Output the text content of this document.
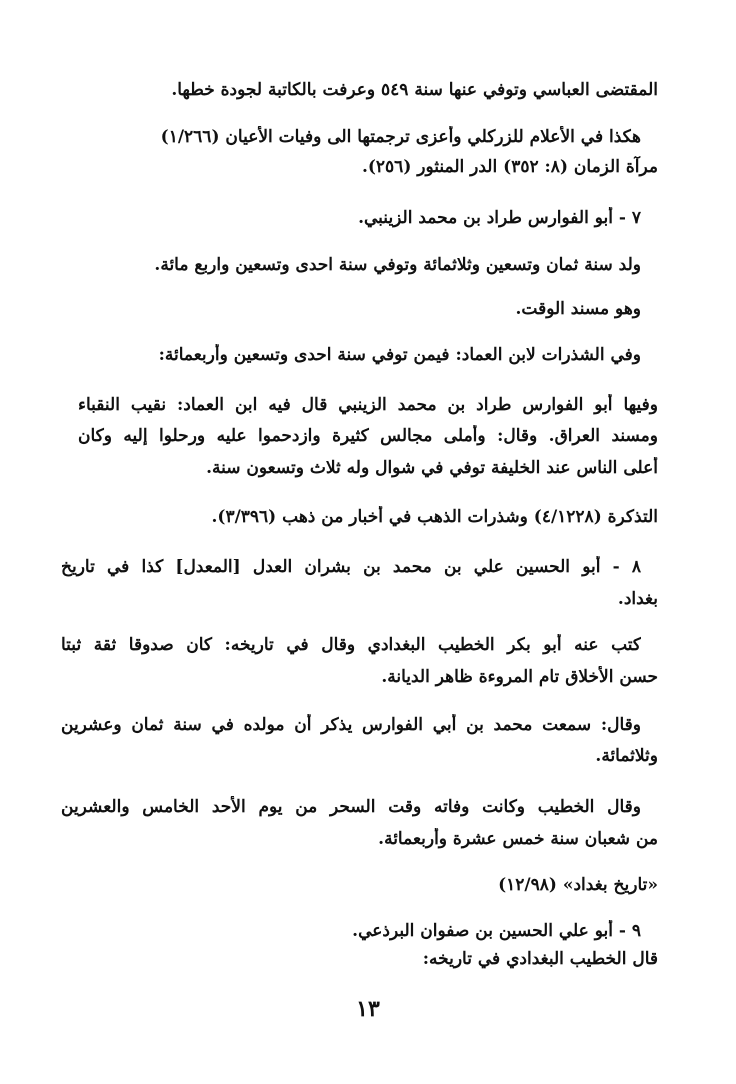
المقتضى العباسي وتوفي عنها سنة ٥٤٩ وعرفت بالكاتبة لجودة خطها.
هكذا في الأعلام للزركلي وأعزى ترجمتها الى وفيات الأعيان (١/٢٦٦)
مرآة الزمان (٨: ٣٥٢) الدر المنثور (٢٥٦).
٧ - أبو الفوارس طراد بن محمد الزينبي.
ولد سنة ثمان وتسعين وثلاثمائة وتوفي سنة احدى وتسعين واربع مائة.
وهو مسند الوقت.
وفي الشذرات لابن العماد: فيمن توفي سنة احدى وتسعين وأربعمائة:
وفيها أبو الفوارس طراد بن محمد الزينبي قال فيه ابن العماد: نقيب النقباء
ومسند العراق. وقال: وأملى مجالس كثيرة وازدحموا عليه ورحلوا إليه وكان
أعلى الناس عند الخليفة توفي في شوال وله ثلاث وتسعون سنة.
التذكرة (٤/١٢٢٨) وشذرات الذهب في أخبار من ذهب (٣/٣٩٦).
٨ - أبو الحسين علي بن محمد بن بشران العدل [المعدل] كذا في تاريخ
بغداد.
كتب عنه أبو بكر الخطيب البغدادي وقال في تاريخه: كان صدوقا ثقة ثبتا
حسن الأخلاق تام المروءة ظاهر الديانة.
وقال: سمعت محمد بن أبي الفوارس يذكر أن مولده في سنة ثمان وعشرين
وثلاثمائة.
وقال الخطيب وكانت وفاته وقت السحر من يوم الأحد الخامس والعشرين
من شعبان سنة خمس عشرة وأربعمائة.
«تاريخ بغداد» (١٢/٩٨)
٩ - أبو علي الحسين بن صفوان البرذعي.
قال الخطيب البغدادي في تاريخه:
١٣
